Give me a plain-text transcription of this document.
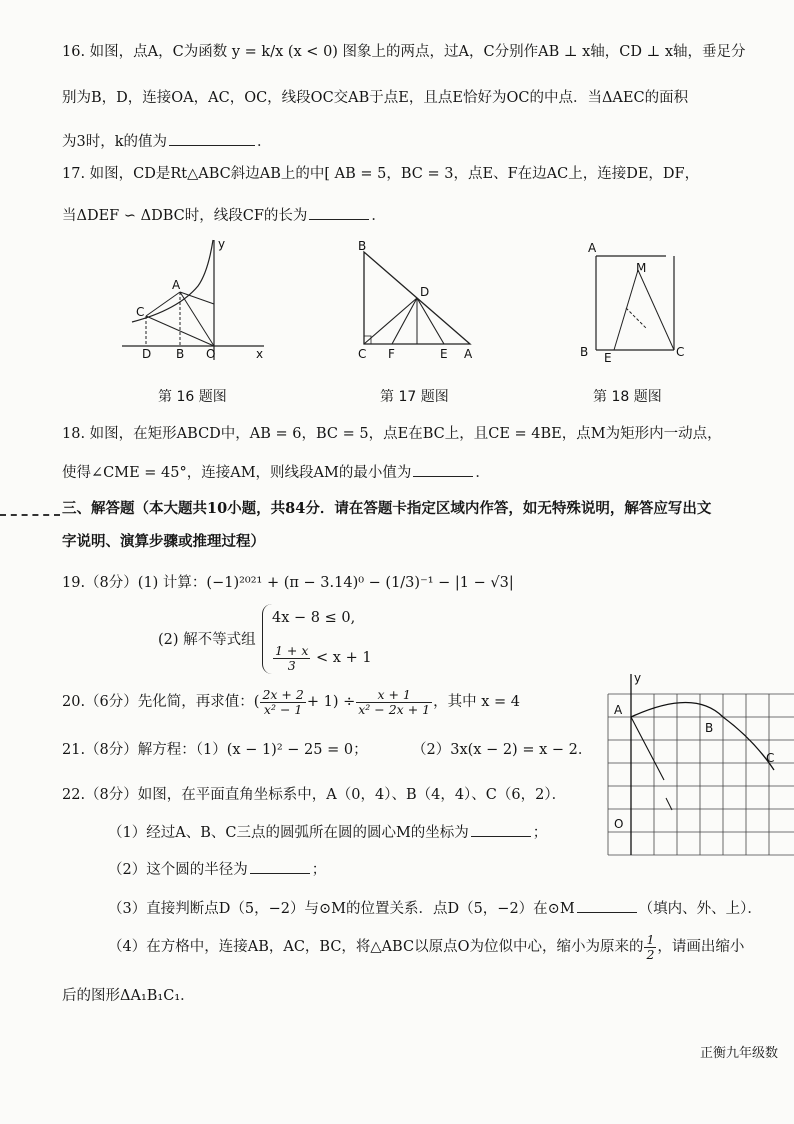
16. 如图，点A，C为函数 y = k/x (x < 0) 图象上的两点，过A，C分别作AB ⊥ x轴，CD ⊥ x轴，垂足分
别为B，D，连接OA，AC，OC，线段OC交AB于点E，且点E恰好为OC的中点．当ΔAEC的面积
为3时，k的值为	．
17. 如图，CD是Rt△ABC斜边AB上的中[ AB = 5，BC = 3，点E、F在边AC上，连接DE，DF，
当ΔDEF ∽ ΔDBC时，线段CF的长为	．
y
x
A
C
D B O
B
D
C F	E A
A
M
B E	C
第 16 题图	第 17 题图	第 18 题图
18. 如图，在矩形ABCD中，AB = 6，BC = 5，点E在BC上，且CE = 4BE，点M为矩形内一动点，
使得∠CME = 45°，连接AM，则线段AM的最小值为	．
三、解答题（本大题共10小题，共84分．请在答题卡指定区域内作答，如无特殊说明，解答应写出文
字说明、演算步骤或推理过程）
19.（8分）(1) 计算：(−1)²⁰²¹ + (π − 3.14)⁰ − (1/3)⁻¹ − |1 − √3|
(2) 解不等式组
4x − 8 ≤ 0,
$\frac{1 + x}{3} < x + 1$
20.（6分）先化简，再求值：( $\frac{2x + 2}{\text{x² − 1}} + 1) \div \frac{x + 1}{\text{x² − 2x + 1}}$ ，其中 x = 4
21.（8分）解方程：（1）(x − 1)² − 25 = 0；	（2）3x(x − 2) = x − 2．
y
A
B
C
O
22.（8分）如图，在平面直角坐标系中，A（0，4）、B（4，4）、C（6，2）．
（1）经过A、B、C三点的圆弧所在圆的圆心M的坐标为	；
（2）这个圆的半径为	；
（3）直接判断点D（5，−2）与⊙M的位置关系．点D（5，−2）在⊙M	（填内、外、上）．
（4）在方格中，连接AB，AC，BC，将△ABC以原点O为位似中心，缩小为原来的 $\frac{1}{2}$ ，请画出缩小
后的图形ΔA₁B₁C₁．
正衡九年级数
